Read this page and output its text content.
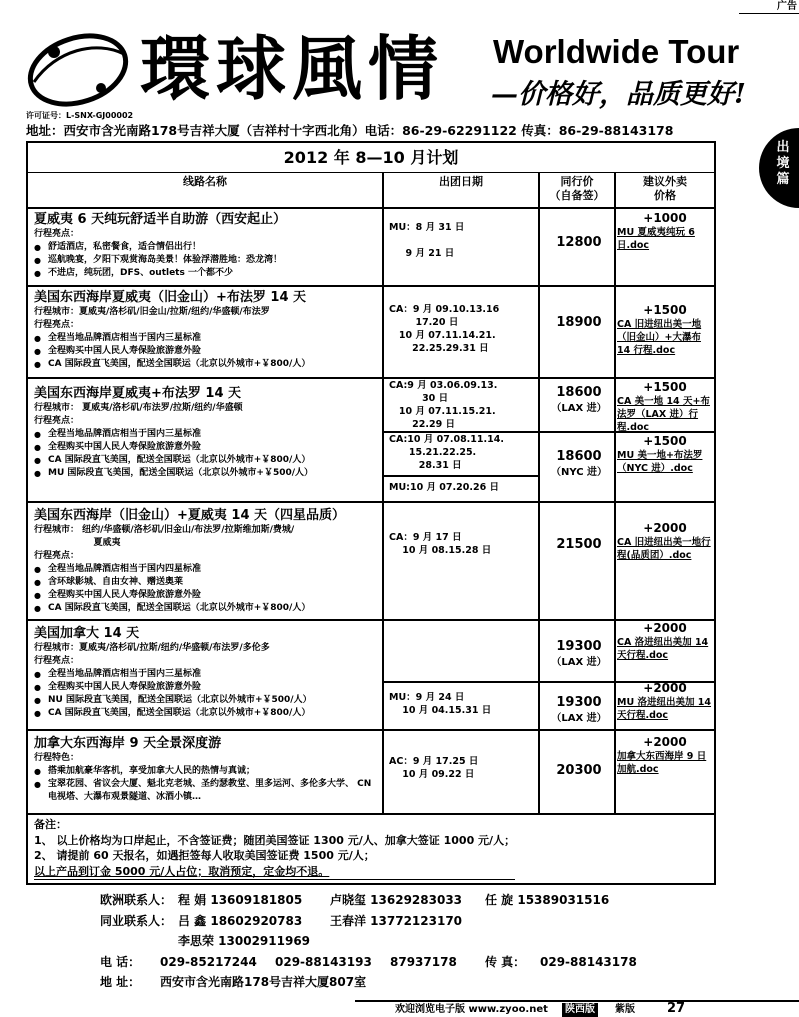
广告
環球風情 Worldwide Tour
—价格好，品质更好!
许可证号：L-SNX-GJ00002
地址：西安市含光南路178号吉祥大厦（吉祥村十字西北角）电话：86-29-62291122 传真：86-29-88143178
出
境
篇
2012 年 8—10 月计划
线路名称	出团日期	同行价
（自备签）
建议外卖
价格
夏威夷 6 天纯玩舒适半自助游（西安起止）
行程亮点：
● 舒适酒店，私密餐食，适合情侣出行！
● 巡航晚宴，夕阳下观赏海岛美景！体验浮潜胜地：恐龙湾！
● 不进店，纯玩团，DFS、outlets 一个都不少
MU：8 月 31 日

9 月 21 日
12800
+1000
MU 夏威夷纯玩 6 日.doc
美国东西海岸夏威夷（旧金山）+布法罗 14 天
行程城市：夏威夷/洛杉矶/旧金山/拉斯/纽约/华盛顿/布法罗
行程亮点：
● 全程当地品牌酒店相当于国内三星标准
● 全程购买中国人民人寿保险旅游意外险
● CA 国际段直飞美国，配送全国联运（北京以外城市+￥800/人）
CA：9 月 09.10.13.16
17.20 日
10 月 07.11.14.21.
22.25.29.31 日
18900
+1500
CA 旧进纽出美一地（旧金山）+大瀑布 14 行程.doc
美国东西海岸夏威夷+布法罗 14 天
行程城市： 夏威夷/洛杉矶/布法罗/拉斯/纽约/华盛顿
行程亮点：
● 全程当地品牌酒店相当于国内三星标准
● 全程购买中国人民人寿保险旅游意外险
● CA 国际段直飞美国，配送全国联运（北京以外城市+￥800/人）
● MU 国际段直飞美国，配送全国联运（北京以外城市+￥500/人）
CA:9 月 03.06.09.13.
30 日
10 月 07.11.15.21.
22.29 日
18600
（LAX 进）
+1500
CA 美一地 14 天+布法罗（LAX 进）行程.doc
CA:10 月 07.08.11.14.
15.21.22.25.
28.31 日
18600
（NYC 进）
+1500
MU 美一地+布法罗（NYC 进）.doc
MU:10 月 07.20.26 日
美国东西海岸（旧金山）+夏威夷 14 天（四星品质）
行程城市： 纽约/华盛顿/洛杉矶/旧金山/布法罗/拉斯维加斯/费城/
夏威夷
行程亮点：
● 全程当地品牌酒店相当于国内四星标准
● 含环球影城、自由女神、赠送奥莱
● 全程购买中国人民人寿保险旅游意外险
● CA 国际段直飞美国，配送全国联运（北京以外城市+￥800/人）
CA：9 月 17 日
10 月 08.15.28 日	21500
+2000
CA 旧进纽出美一地行程(品质团）.doc
美国加拿大 14 天
行程城市：夏威夷/洛杉矶/拉斯/纽约/华盛顿/布法罗/多伦多
行程亮点：
● 全程当地品牌酒店相当于国内三星标准
● 全程购买中国人民人寿保险旅游意外险
● NU 国际段直飞美国，配送全国联运（北京以外城市+￥500/人）
● CA 国际段直飞美国，配送全国联运（北京以外城市+￥800/人）
19300
（LAX 进）
+2000
CA 洛进纽出美加 14 天行程.doc
MU：9 月 24 日
10 月 04.15.31 日
19300
（LAX 进）
+2000
MU 洛进纽出美加 14 天行程.doc
加拿大东西海岸 9 天全景深度游
行程特色：
● 搭乘加航豪华客机，享受加拿大人民的热情与真诚；
● 宝翠花园、省议会大厦、魁北克老城、圣约瑟教堂、里多运河、多伦多大学、 CN 电视塔、大瀑布观景隧道、冰酒小镇…
AC：9 月 17.25 日
10 月 09.22 日	20300
+2000
加拿大东西海岸 9 日加航.doc
备注：
1、 以上价格均为口岸起止，不含签证费；随团美国签证 1300 元/人、加拿大签证 1000 元/人；
2、 请提前 60 天报名，如遇拒签每人收取美国签证费 1500 元/人；
以上产品到订金 5000 元/人占位；取消预定，定金均不退。
欧洲联系人： 程 娟 13609181805 卢晓玺 13629283033 任 旋 15389031516
同业联系人： 吕 鑫 18602920783 王春洋 13772123170
李思荣 13002911969
电 话： 029-85217244 029-88143193 87937178 传 真： 029-88143178
地 址： 西安市含光南路178号吉祥大厦807室
欢迎浏览电子版 www.zyoo.net	陕西版	紫版 27
